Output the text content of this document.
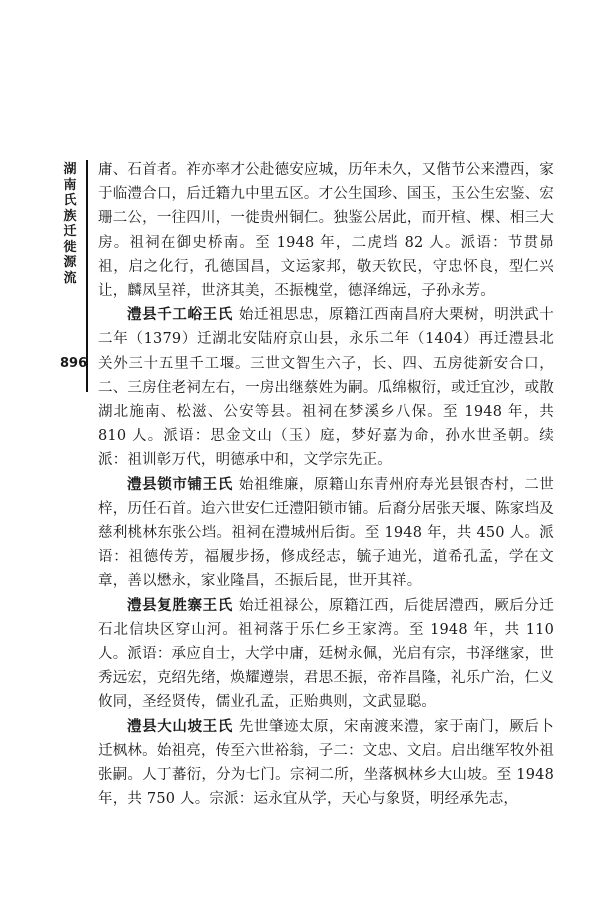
湖南氏族迁徙源流
896

庸、石首者。祚亦率才公赴德安应城，历年未久，又偕节公来澧西，家于临澧合口，后迁籍九中里五区。才公生国珍、国玉，玉公生宏鉴、宏珊二公，一往四川，一徙贵州铜仁。独鉴公居此，而开楦、棵、相三大房。祖祠在御史桥南。至 1948 年，二虎垱 82 人。派语：节贯昴祖，启之化行，孔德国昌，文运家邦，敬天钦民，守忠怀良，型仁兴让，麟凤呈祥，世济其美，丕振槐堂，德泽绵远，子孙永芳。

澧县千工峪王氏 始迁祖思忠，原籍江西南昌府大栗树，明洪武十二年（1379）迁湖北安陆府京山县，永乐二年（1404）再迁澧县北关外三十五里千工堰。三世文智生六子，长、四、五房徙新安合口，二、三房住老祠左右，一房出继蔡姓为嗣。瓜绵椒衍，或迁宜沙，或散湖北施南、松滋、公安等县。祖祠在梦溪乡八保。至 1948 年，共 810 人。派语：思金文山（玉）庭，梦好嘉为命，孙水世圣朝。续派：祖训彰万代，明德承中和，文学宗先正。

澧县锁市铺王氏 始祖维廉，原籍山东青州府寿光县银杏村，二世梓，历任石首。迨六世安仁迁澧阳锁市铺。后裔分居张天堰、陈家垱及慈利桃林东张公垱。祖祠在澧城州后街。至 1948 年，共 450 人。派语：祖德传芳，福履步扬，修成经志，毓子迪光，道希孔孟，学在文章，善以懋永，家业隆昌，丕振后昆，世开其祥。

澧县复胜寨王氏 始迁祖禄公，原籍江西，后徙居澧西，厥后分迁石北信块区穿山河。祖祠落于乐仁乡王家湾。至 1948 年，共 110 人。派语：承应自士，大学中庸，廷树永佩，光启有宗，书泽继家，世秀远宏，克绍先绪，焕耀遵崇，君思丕振，帝祚昌隆，礼乐广治，仁义攸同，圣经贤传，儒业孔孟，正贻典则，文武显聪。

澧县大山坡王氏 先世肇迹太原，宋南渡来澧，家于南门，厥后卜迁枫林。始祖亮，传至六世裕翁，子二：文忠、文启。启出继军牧外祖张嗣。人丁蕃衍，分为七门。宗祠二所，坐落枫林乡大山坡。至 1948 年，共 750 人。宗派：运永宜从学，天心与象贤，明经承先志，
